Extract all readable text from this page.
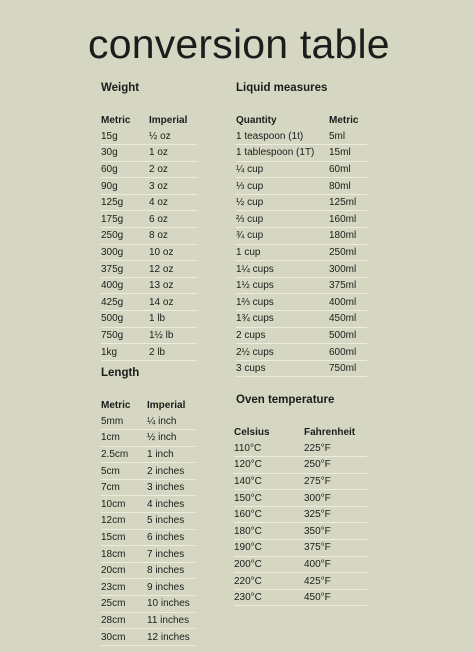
conversion table
Weight
Metric	Imperial
15g	½ oz
30g	1 oz
60g	2 oz
90g	3 oz
125g	4 oz
175g	6 oz
250g	8 oz
300g	10 oz
375g	12 oz
400g	13 oz
425g	14 oz
500g	1 lb
750g	1½ lb
1kg	2 lb
Liquid measures
Quantity	Metric
1 teaspoon (1t)	5ml
1 tablespoon (1T)	15ml
¼ cup	60ml
⅓ cup	80ml
½ cup	125ml
⅔ cup	160ml
¾ cup	180ml
1 cup	250ml
1¼ cups	300ml
1½ cups	375ml
1⅔ cups	400ml
1¾ cups	450ml
2 cups	500ml
2½ cups	600ml
3 cups	750ml
Length
Metric	Imperial
5mm	¼ inch
1cm	½ inch
2.5cm	1 inch
5cm	2 inches
7cm	3 inches
10cm	4 inches
12cm	5 inches
15cm	6 inches
18cm	7 inches
20cm	8 inches
23cm	9 inches
25cm	10 inches
28cm	11 inches
30cm	12 inches
Oven temperature
Celsius	Fahrenheit
110°C	225°F
120°C	250°F
140°C	275°F
150°C	300°F
160°C	325°F
180°C	350°F
190°C	375°F
200°C	400°F
220°C	425°F
230°C	450°F
